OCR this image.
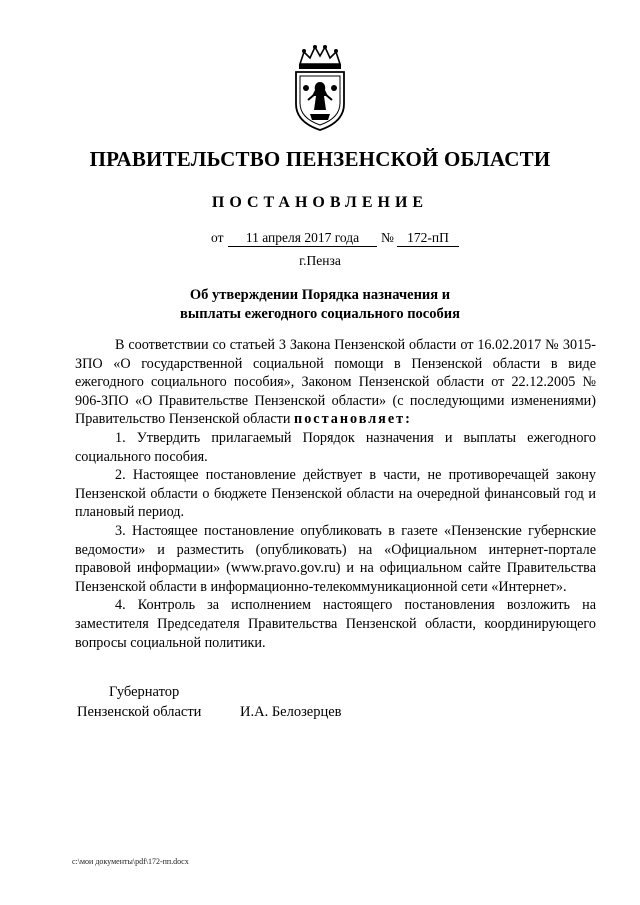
ПРАВИТЕЛЬСТВО ПЕНЗЕНСКОЙ ОБЛАСТИ
ПОСТАНОВЛЕНИЕ
от	11 апреля 2017 года	№ 172-пП
г.Пенза
Об утверждении Порядка назначения и
выплаты ежегодного социального пособия

В соответствии со статьей 3 Закона Пензенской области от 16.02.2017 № 3015-ЗПО «О государственной социальной помощи в Пензенской области в виде ежегодного социального пособия», Законом Пензенской области от 22.12.2005 № 906-ЗПО «О Правительстве Пензенской области» (с последующими изменениями) Правительство Пензенской области постановляет:

1. Утвердить прилагаемый Порядок назначения и выплаты ежегодного социального пособия.

2. Настоящее постановление действует в части, не противоречащей закону Пензенской области о бюджете Пензенской области на очередной финансовый год и плановый период.

3. Настоящее постановление опубликовать в газете «Пензенские губернские ведомости» и разместить (опубликовать) на «Официальном интернет-портале правовой информации» (www.pravo.gov.ru) и на официальном сайте Правительства Пензенской области в информационно-телекоммуникационной сети «Интернет».

4. Контроль за исполнением настоящего постановления возложить на заместителя Председателя Правительства Пензенской области, координирующего вопросы социальной политики.

Губернатор
Пензенской области	И.А. Белозерцев
c:\мои документы\pdf\172-пп.docx
